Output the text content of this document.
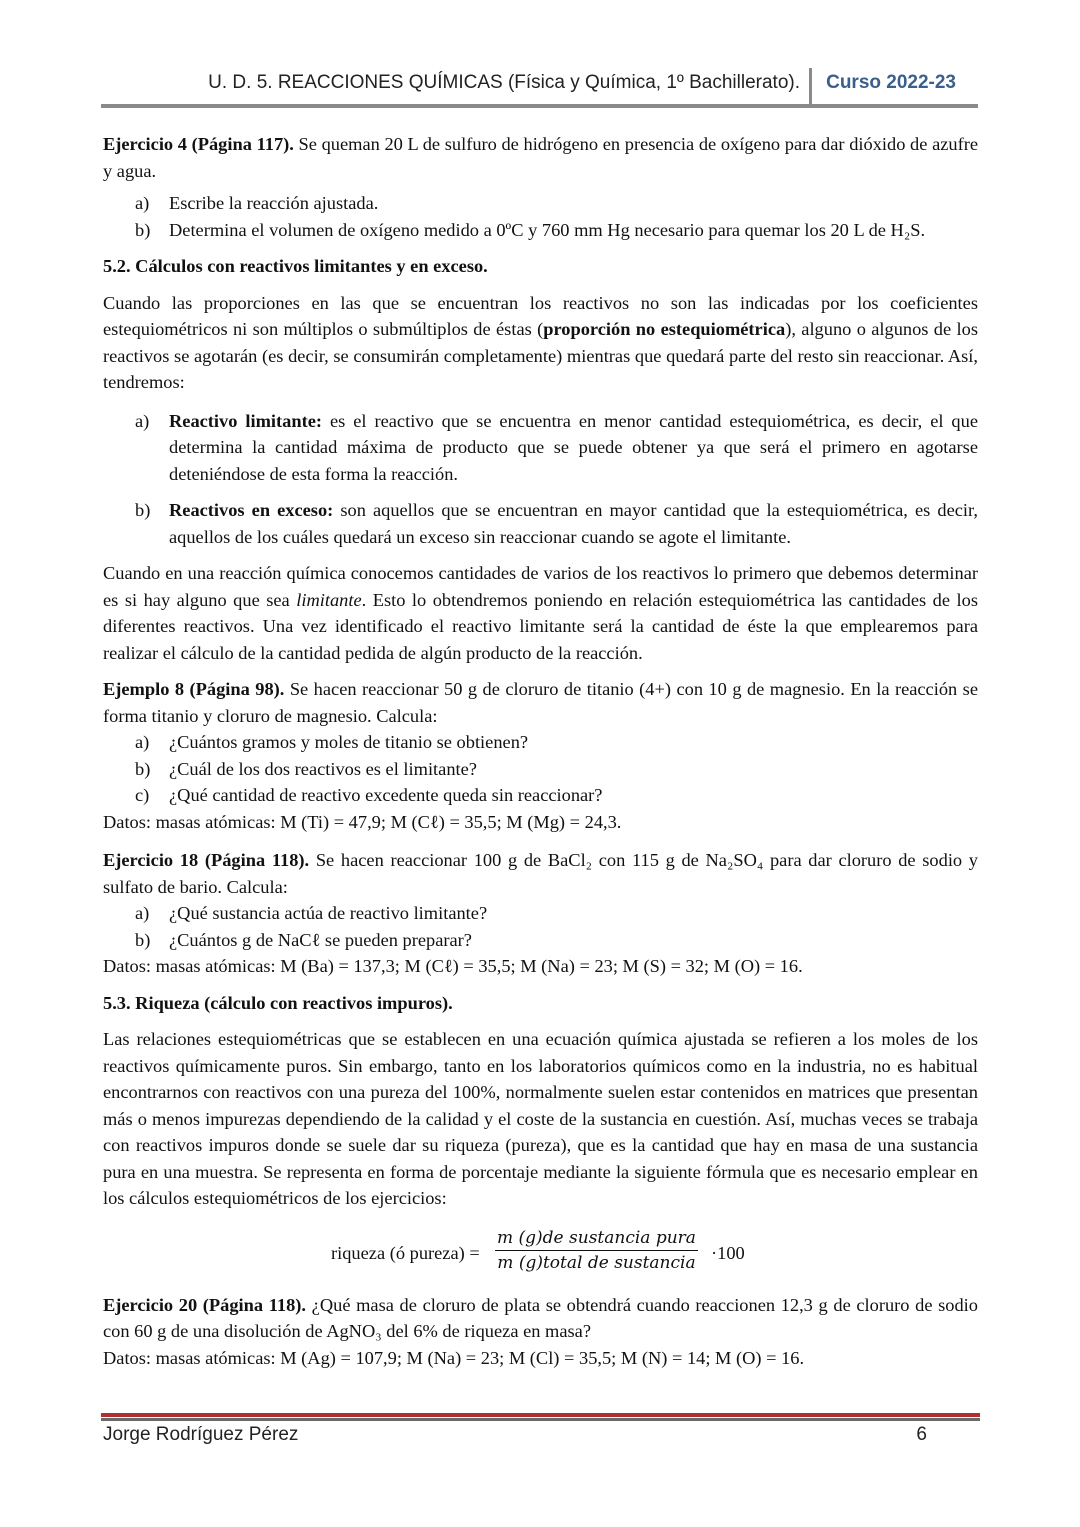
U. D. 5. REACCIONES QUÍMICAS (Física y Química, 1º Bachillerato). Curso 2022-23

Ejercicio 4 (Página 117). Se queman 20 L de sulfuro de hidrógeno en presencia de oxígeno para dar dióxido de azufre y agua.

a) Escribe la reacción ajustada.
b) Determina el volumen de oxígeno medido a 0ºC y 760 mm Hg necesario para quemar los 20 L de H₂S.

5.2. Cálculos con reactivos limitantes y en exceso.

Cuando las proporciones en las que se encuentran los reactivos no son las indicadas por los coeficientes estequiométricos ni son múltiplos o submúltiplos de éstas (proporción no estequiométrica), alguno o algunos de los reactivos se agotarán (es decir, se consumirán completamente) mientras que quedará parte del resto sin reaccionar. Así, tendremos:

a) Reactivo limitante: es el reactivo que se encuentra en menor cantidad estequiométrica, es decir, el que determina la cantidad máxima de producto que se puede obtener ya que será el primero en agotarse deteniéndose de esta forma la reacción.
b) Reactivos en exceso: son aquellos que se encuentran en mayor cantidad que la estequiométrica, es decir, aquellos de los cuáles quedará un exceso sin reaccionar cuando se agote el limitante.

Cuando en una reacción química conocemos cantidades de varios de los reactivos lo primero que debemos determinar es si hay alguno que sea limitante. Esto lo obtendremos poniendo en relación estequiométrica las cantidades de los diferentes reactivos. Una vez identificado el reactivo limitante será la cantidad de éste la que emplearemos para realizar el cálculo de la cantidad pedida de algún producto de la reacción.

Ejemplo 8 (Página 98). Se hacen reaccionar 50 g de cloruro de titanio (4+) con 10 g de magnesio. En la reacción se forma titanio y cloruro de magnesio. Calcula:

a) ¿Cuántos gramos y moles de titanio se obtienen?
b) ¿Cuál de los dos reactivos es el limitante?
c) ¿Qué cantidad de reactivo excedente queda sin reaccionar?

Datos: masas atómicas: M (Ti) = 47,9; M (Cℓ) = 35,5; M (Mg) = 24,3.

Ejercicio 18 (Página 118). Se hacen reaccionar 100 g de BaCl₂ con 115 g de Na₂SO₄ para dar cloruro de sodio y sulfato de bario. Calcula:

a) ¿Qué sustancia actúa de reactivo limitante?
b) ¿Cuántos g de NaCℓ se pueden preparar?

Datos: masas atómicas: M (Ba) = 137,3; M (Cℓ) = 35,5; M (Na) = 23; M (S) = 32; M (O) = 16.

5.3. Riqueza (cálculo con reactivos impuros).

Las relaciones estequiométricas que se establecen en una ecuación química ajustada se refieren a los moles de los reactivos químicamente puros. Sin embargo, tanto en los laboratorios químicos como en la industria, no es habitual encontrarnos con reactivos con una pureza del 100%, normalmente suelen estar contenidos en matrices que presentan más o menos impurezas dependiendo de la calidad y el coste de la sustancia en cuestión. Así, muchas veces se trabaja con reactivos impuros donde se suele dar su riqueza (pureza), que es la cantidad que hay en masa de una sustancia pura en una muestra. Se representa en forma de porcentaje mediante la siguiente fórmula que es necesario emplear en los cálculos estequiométricos de los ejercicios:

riqueza (ó pureza) =
m (g)de sustancia pura
m (g)total de sustancia
·100

Ejercicio 20 (Página 118). ¿Qué masa de cloruro de plata se obtendrá cuando reaccionen 12,3 g de cloruro de sodio con 60 g de una disolución de AgNO₃ del 6% de riqueza en masa?

Datos: masas atómicas: M (Ag) = 107,9; M (Na) = 23; M (Cl) = 35,5; M (N) = 14; M (O) = 16.

Jorge Rodríguez Pérez	6
